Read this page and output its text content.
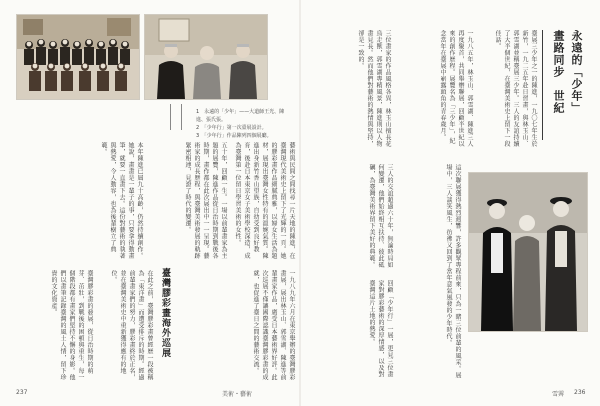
1　永遠的「少年」——大道師王光、陳進、張氏張。
2　「少年行」第一次臺展設計。
3　「少年行」作品陳列四個展廳。
藝術與民間之間找尋一片天地的陳進，在臺灣現代美術史上留下了光輝的一頁。她的膠彩畫作品細膩典雅，以婦女生活為題材，展現出臺灣女性特有的溫婉氣質。陳進出身新竹香山望族，自幼受到良好教育，後赴日本東京女子美術學校深造，成為臺灣第一位留日學習美術的女性。
五十年，回顧一生。一場以前輩畫家為主題的展覽，陳進作品從日治時期到戰後各時期，畫作都在此次展出中一一呈現。藝術家的成長歷程，與臺灣美術發展的軌跡緊密相連，見證了時代的變遷。
本年陳進已屆九十高齡，仍然持續創作。她說，畫畫是一輩子的事，只要拿得動畫筆，就要一直畫下去。這份對藝術的執著與熱愛，令人動容，也為後輩樹立了典範。
臺灣膠彩畫海外巡展	一九八九年六月在東京舉辦的臺灣膠彩畫展，展出林玉山、郭雪湖、陳進等前輩畫家作品，廣受日本藝術界好評。此次巡展不僅讓國際認識臺灣膠彩畫的成就，也促進了臺日之間的藝術交流。
在此之前，臺灣膠彩畫曾經歷一段被稱為「東洋畫」而遭受排斥的時期。經過前輩畫家們的努力，膠彩畫終於正名，並在臺灣美術史中重新獲得應有的地位。
臺灣膠彩畫的發展，從日治時期的萌芽、茁壯，到戰後的困頓與重生，每一個階段都有畫家們堅持不懈的身影。他們以畫筆記錄臺灣的風土人情，留下珍貴的文化資產。
237	美術・藝術
永遠的「少年」
畫路同步　世紀
臺展三少年之一的陳進，一九〇七年生於新竹，一九二五年赴日習畫，與林玉山、郭雪湖並稱臺展三少年。三人的友誼持續了大半個世紀，在臺灣美術史上留下一段佳話。
一九八五年，林玉山、郭雪湖、陳進三人再度聚首，共同舉辦聯展，回顧半世紀以來的創作歷程。展覽名為「三少年」，紀念當年在臺展中嶄露頭角的青春歲月。
三位畫家的作品風格各異，林玉山擅長花鳥走獸，郭雪湖專精風景，陳進則以人物畫見長。然而他們對藝術的熱情與堅持，卻是一致的。
這次聯展獲得熱烈迴響，許多觀眾專程前來，只為一睹三位前輩的風采。展場中，三人談笑風生，彷彿又回到了當年意氣風發的少年時代。
三人的交誼超過六十年，無論時局如何變遷，他們始終相互扶持、彼此砥礪，為臺灣美術界留下美好的典範。
回顧「少年行」一展，更見三位畫家對膠彩藝術的深厚情感，以及對臺灣這片土地的熱愛。
雪霽 236
